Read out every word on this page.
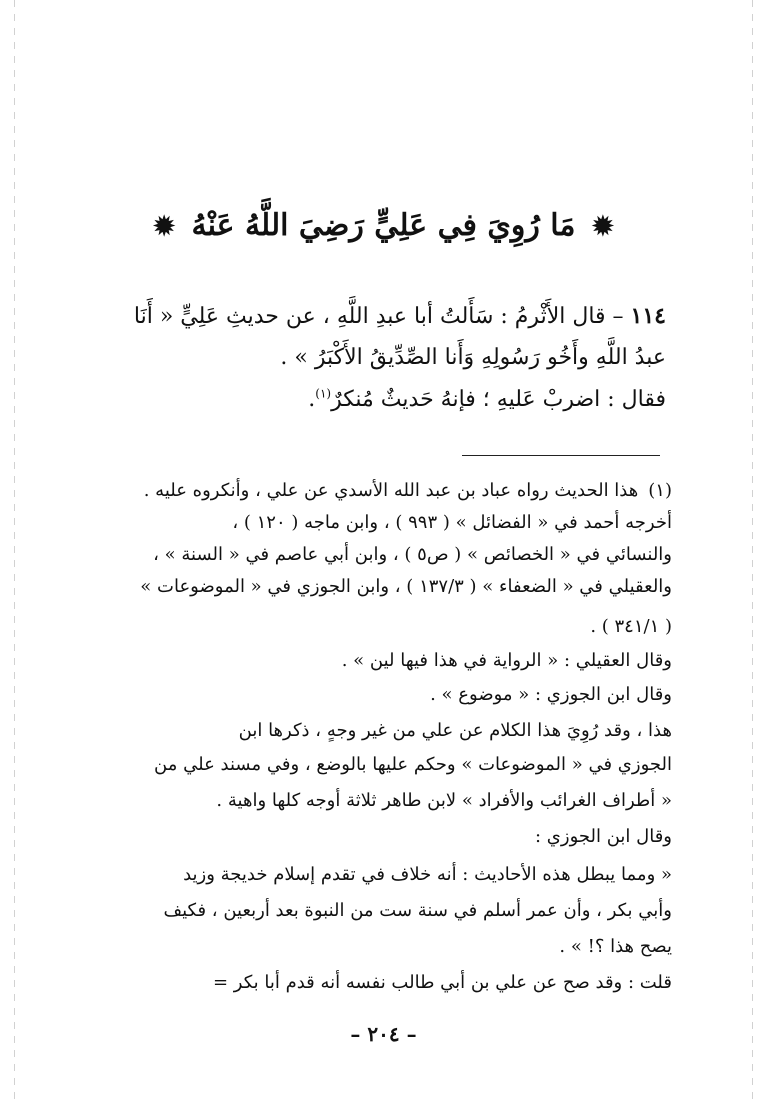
✹ مَا رُوِيَ فِي عَلِيٍّ رَضِيَ اللَّهُ عَنْهُ ✹
١١٤ – قال الأَثْرمُ : سَأَلتُ أبا عبدِ اللَّهِ ، عن حديثِ عَلِيٍّ « أَنَا
عبدُ اللَّهِ وأَخُو رَسُولِهِ وَأَنا الصِّدِّيقُ الأَكْبَرُ » .
فقال : اضربْ عَليهِ ؛ فإنهُ حَديثٌ مُنكرٌ$^{(١)}$.
(١)هذا الحديث رواه عباد بن عبد الله الأسدي عن علي ، وأنكروه عليه .
أخرجه أحمد في « الفضائل » ( ٩٩٣ ) ، وابن ماجه ( ١٢٠ ) ،
والنسائي في « الخصائص » ( ص٥ ) ، وابن أبي عاصم في « السنة » ،
والعقيلي في « الضعفاء » ( ١٣٧/٣ ) ، وابن الجوزي في « الموضوعات »
( ٣٤١/١ ) .
وقال العقيلي : « الرواية في هذا فيها لين » .
وقال ابن الجوزي : « موضوع » .
هذا ، وقد رُوِيَ هذا الكلام عن علي من غير وجهٍ ، ذكرها ابن
الجوزي في « الموضوعات » وحكم عليها بالوضع ، وفي مسند علي من
« أطراف الغرائب والأفراد » لابن طاهر ثلاثة أوجه كلها واهية .
وقال ابن الجوزي :
« ومما يبطل هذه الأحاديث : أنه خلاف في تقدم إسلام خديجة وزيد
وأبي بكر ، وأن عمر أسلم في سنة ست من النبوة بعد أربعين ، فكيف
يصح هذا ؟! » .
قلت : وقد صح عن علي بن أبي طالب نفسه أنه قدم أبا بكر =
– ٢٠٤ –
